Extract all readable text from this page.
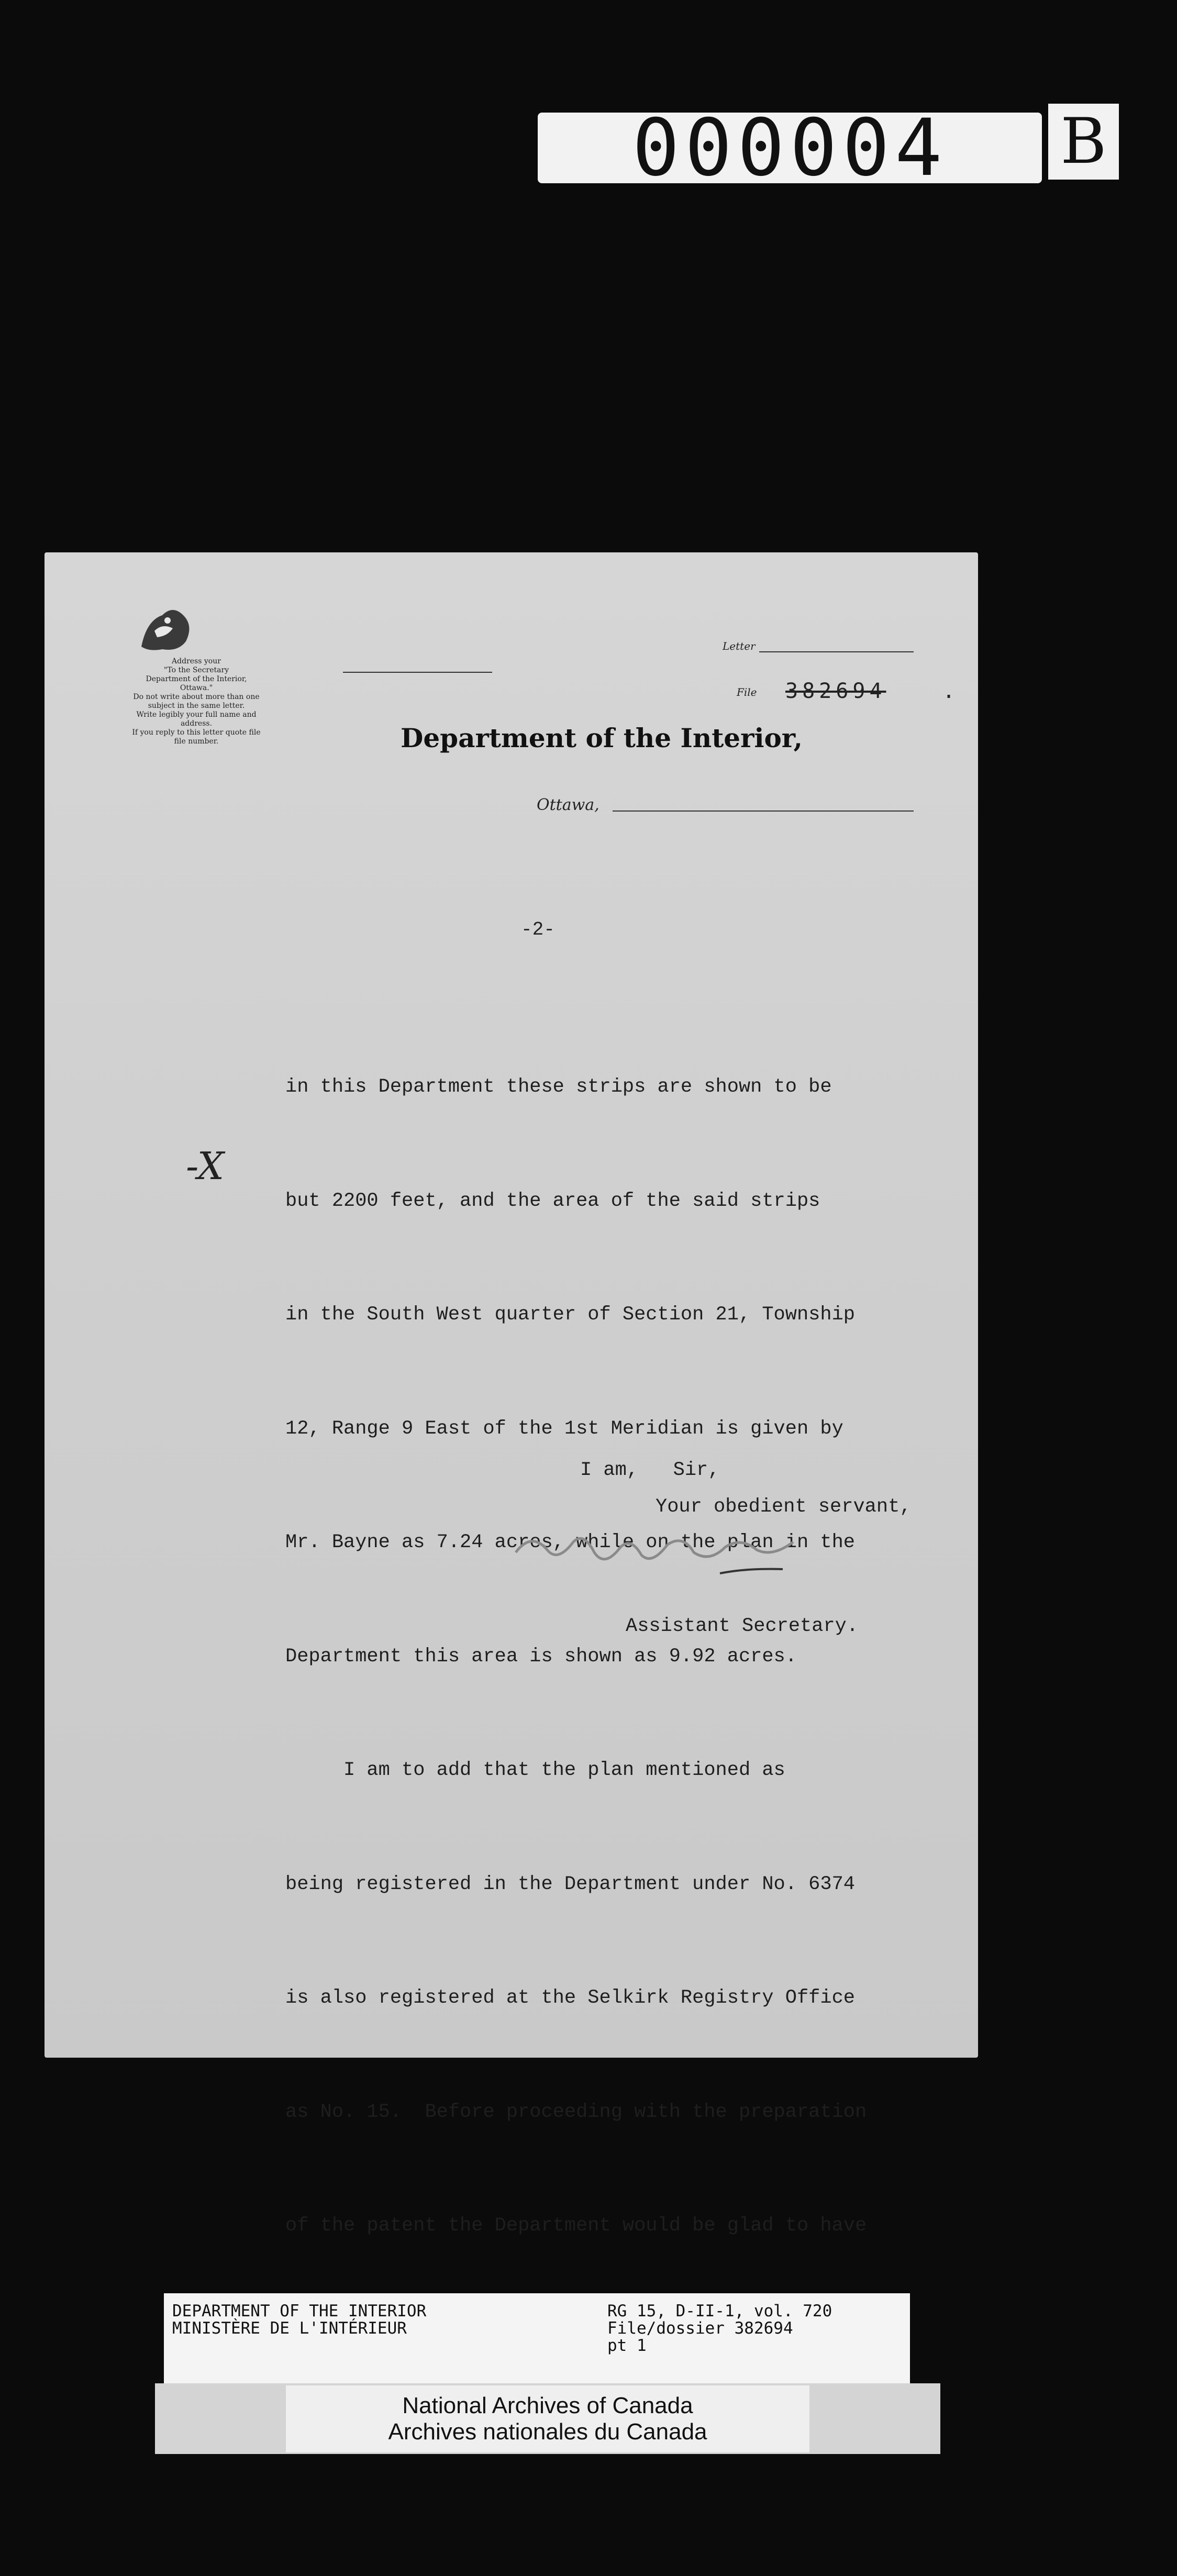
000004 B
Address your
"To the Secretary
Department of the Interior,
Ottawa."
Do not write about more than one
subject in the same letter.
Write legibly your full name and
address.
If you reply to this letter quote file
file number.
Letter
File 382694	.
Department of the Interior,
Ottawa,
-2-
-X

in this Department these strips are shown to be

but 2200 feet, and the area of the said strips

in the South West quarter of Section 21, Township

12, Range 9 East of the 1st Meridian is given by

Mr. Bayne as 7.24 acres, while on the plan in the

Department this area is shown as 9.92 acres.

I am to add that the plan mentioned as

being registered in the Department under No. 6374

is also registered at the Selkirk Registry Office

as No. 15.  Before proceeding with the preparation

of the patent the Department would be glad to have

I am,   Sir,
Your obedient servant,
Assistant Secretary.
DEPARTMENT OF THE INTERIOR
MINISTÈRE DE L'INTÉRIEUR
RG 15, D-II-1, vol. 720
File/dossier 382694
pt 1
National Archives of Canada
Archives nationales du Canada
